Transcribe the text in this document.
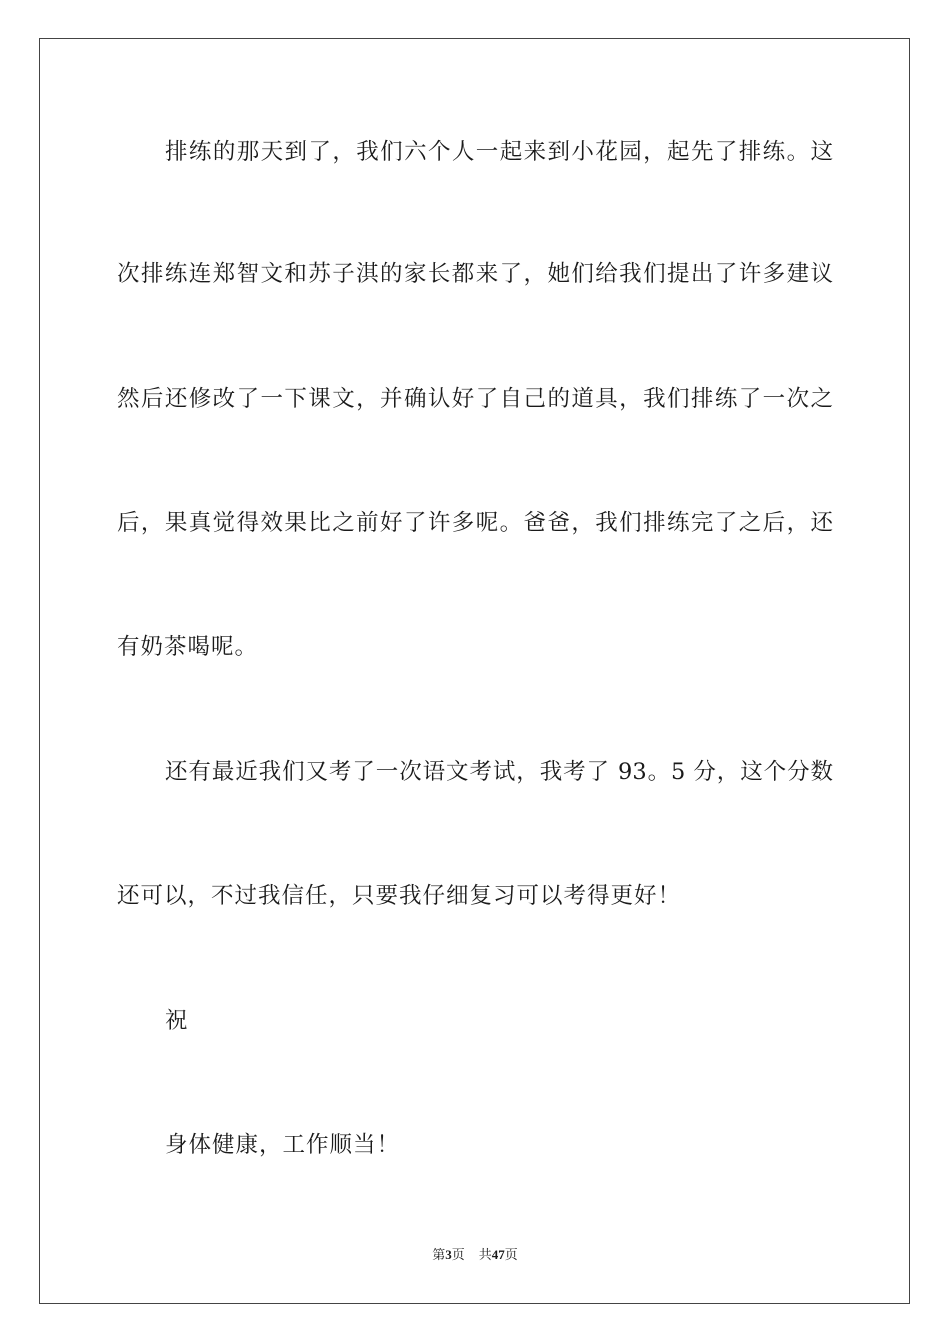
排练的那天到了，我们六个人一起来到小花园，起先了排练。这
次排练连郑智文和苏子淇的家长都来了，她们给我们提出了许多建议
然后还修改了一下课文，并确认好了自己的道具，我们排练了一次之
后，果真觉得效果比之前好了许多呢。爸爸，我们排练完了之后，还
有奶茶喝呢。
还有最近我们又考了一次语文考试，我考了 93。5 分，这个分数
还可以，不过我信任，只要我仔细复习可以考得更好！
祝
身体健康，工作顺当！
第3页 共47页
